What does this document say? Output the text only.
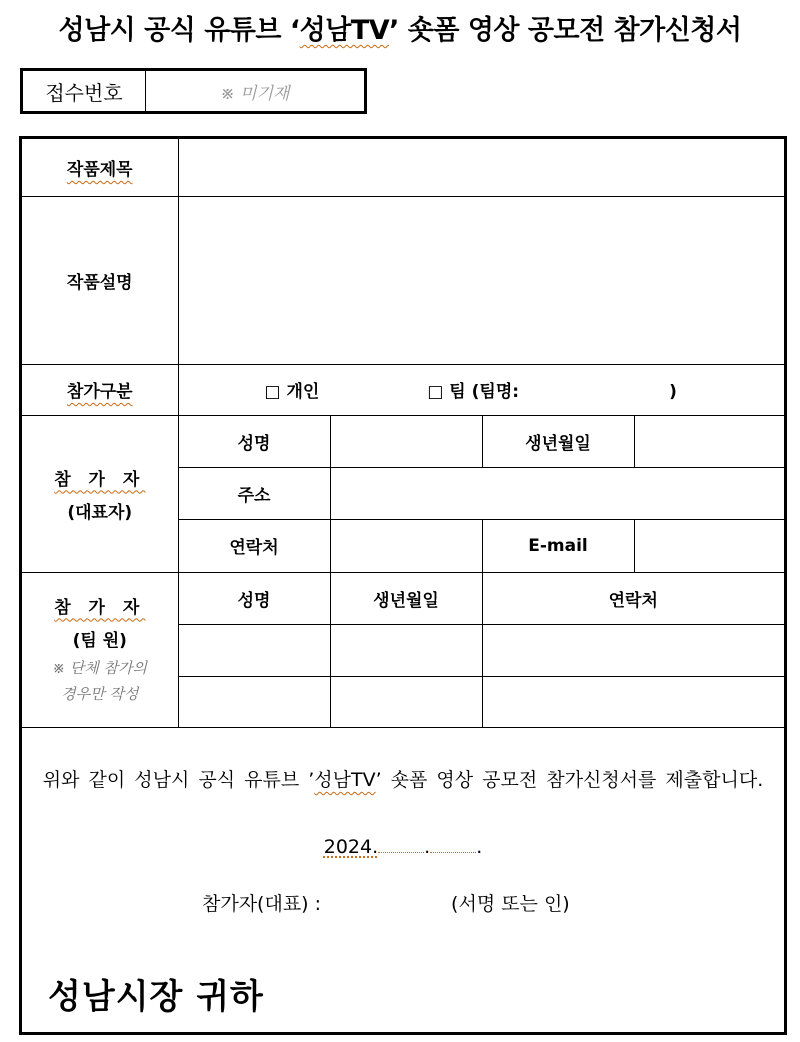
성남시 공식 유튜브 ‘성남TV’ 숏폼 영상 공모전 참가신청서
접수번호	※ 미기재
작품제목				
작품설명				
참가구분	□ 개인 □ 팀 (팀명: )			

참 가 자
(대표자)	성명		생년월일	
	주소			
	연락처		E-mail	

참 가 자
(팀 원)
※ 단체 참가의
경우만 작성	성명	생년월일	연락처	

위와 같이 성남시 공식 유튜브 ’성남TV’ 숏폼 영상 공모전 참가신청서를 제출합니다.
2024. . .
참가자(대표) :	(서명 또는 인)
성남시장 귀하
